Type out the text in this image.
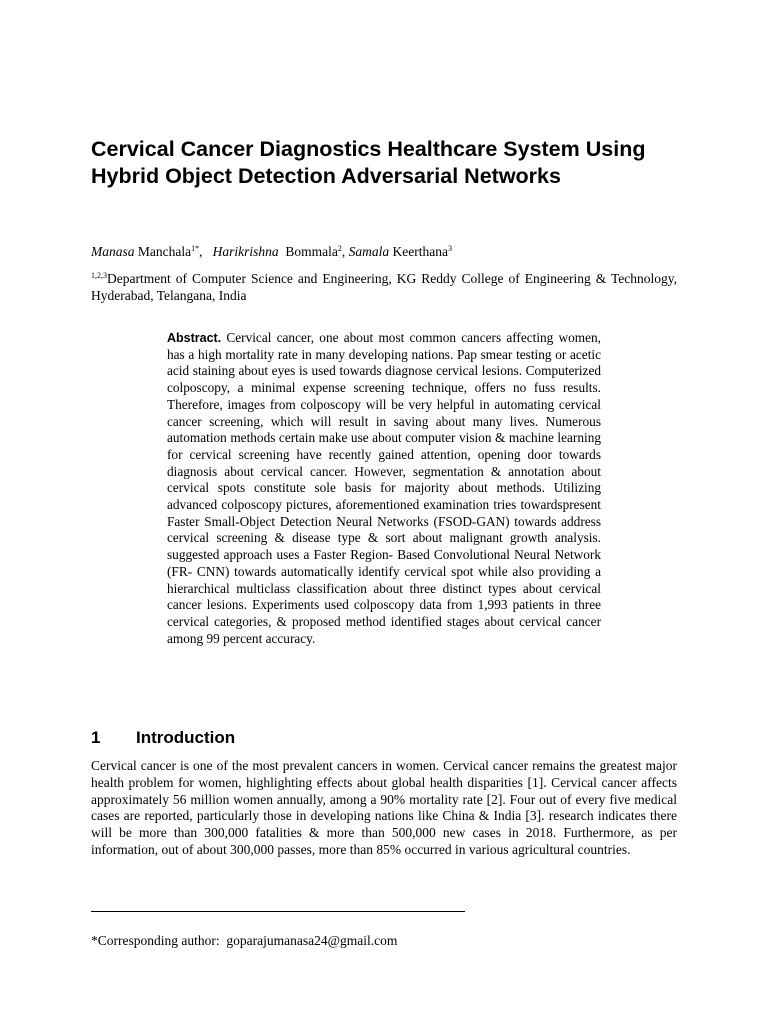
Cervical Cancer Diagnostics Healthcare System Using Hybrid Object Detection Adversarial Networks
Manasa Manchala$^{1*}$,   Harikrishna Bommala$^2$, Samala Keerthana$^3$
$^{1,2,3}$Department of Computer Science and Engineering, KG Reddy College of Engineering & Technology, Hyderabad, Telangana, India

Abstract. Cervical cancer, one about most common cancers affecting women, has a high mortality rate in many developing nations. Pap smear testing or acetic acid staining about eyes is used towards diagnose cervical lesions. Computerized colposcopy, a minimal expense screening technique, offers no fuss results. Therefore, images from colposcopy will be very helpful in automating cervical cancer screening, which will result in saving about many lives. Numerous automation methods certain make use about computer vision & machine learning for cervical screening have recently gained attention, opening door towards diagnosis about cervical cancer. However, segmentation & annotation about cervical spots constitute sole basis for majority about methods. Utilizing advanced colposcopy pictures, aforementioned examination tries towardspresent Faster Small-Object Detection Neural Networks (FSOD-GAN) towards address cervical screening & disease type & sort about malignant growth analysis. suggested approach uses a Faster Region- Based Convolutional Neural Network (FR- CNN) towards automatically identify cervical spot while also providing a hierarchical multiclass classification about three distinct types about cervical cancer lesions. Experiments used colposcopy data from 1,993 patients in three cervical categories, & proposed method identified stages about cervical cancer among 99 percent accuracy.

1 Introduction

Cervical cancer is one of the most prevalent cancers in women. Cervical cancer remains the greatest major health problem for women, highlighting effects about global health disparities [1]. Cervical cancer affects approximately 56 million women annually, among a 90% mortality rate [2]. Four out of every five medical cases are reported, particularly those in developing nations like China & India [3]. research indicates there will be more than 300,000 fatalities & more than 500,000 new cases in 2018. Furthermore, as per information, out of about 300,000 passes, more than 85% occurred in various agricultural countries.

*Corresponding author: goparajumanasa24@gmail.com
